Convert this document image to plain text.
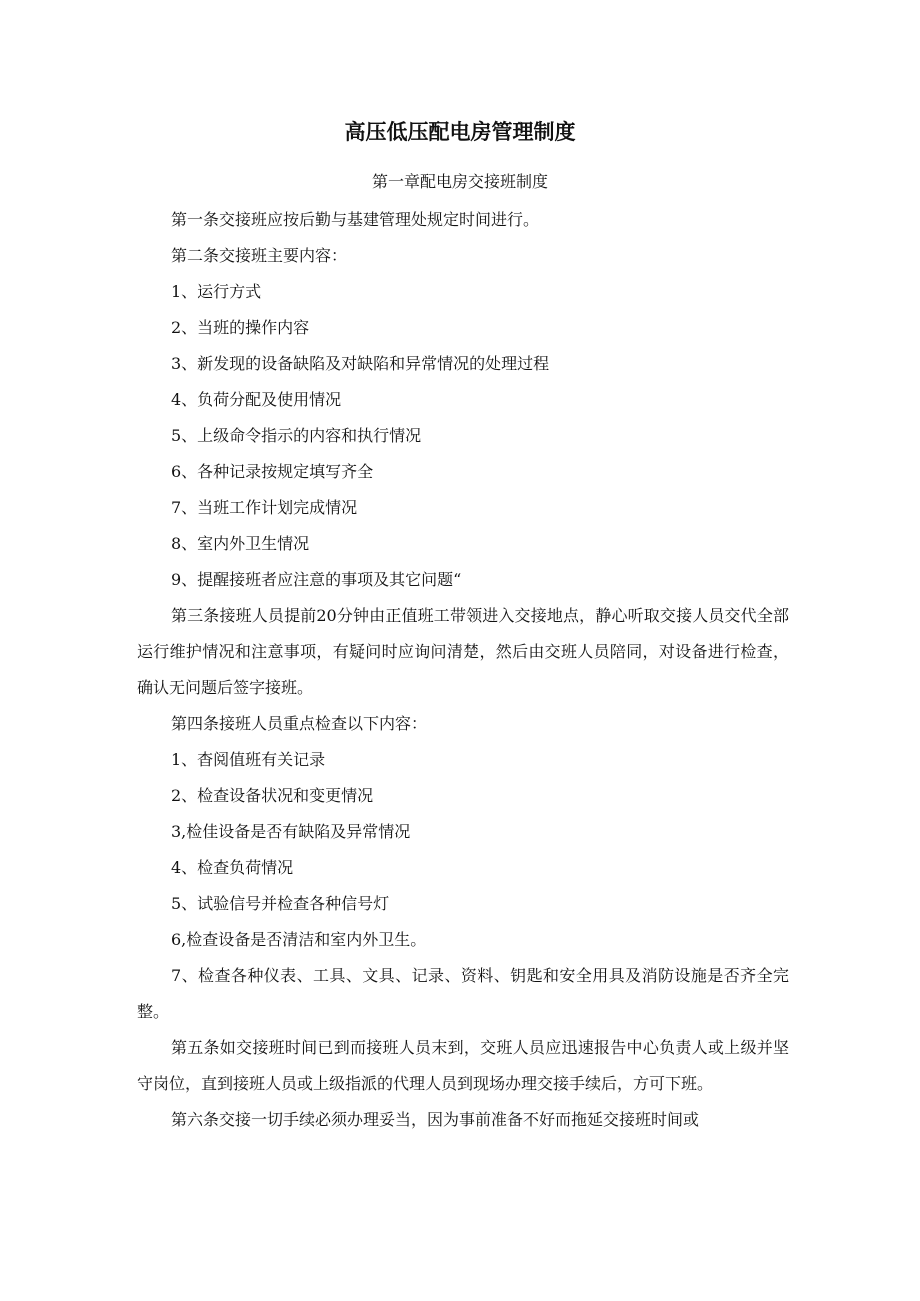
高压低压配电房管理制度

第一章配电房交接班制度

第一条交接班应按后勤与基建管理处规定时间进行。

第二条交接班主要内容：

1、运行方式

2、当班的操作内容

3、新发现的设备缺陷及对缺陷和异常情况的处理过程

4、负荷分配及使用情况

5、上级命令指示的内容和执行情况

6、各种记录按规定填写齐全

7、当班工作计划完成情况

8、室内外卫生情况

9、提醒接班者应注意的事项及其它问题“

第三条接班人员提前20分钟由正值班工带领进入交接地点，静心听取交接人员交代全部运行维护情况和注意事项，有疑问时应询问清楚，然后由交班人员陪同，对设备进行检查，确认无问题后签字接班。

第四条接班人员重点检查以下内容：

1、杳阅值班有关记录

2、检查设备状况和变更情况

3,检佳设备是否有缺陷及异常情况

4、检查负荷情况

5、试验信号并检查各种信号灯

6,检查设备是否清洁和室内外卫生。

7、检查各种仪表、工具、文具、记录、资料、钥匙和安全用具及消防设施是否齐全完整。

第五条如交接班时间已到而接班人员末到，交班人员应迅速报告中心负责人或上级并坚守岗位，直到接班人员或上级指派的代理人员到现场办理交接手续后，方可下班。

第六条交接一切手续必须办理妥当，因为事前准备不好而拖延交接班时间或
